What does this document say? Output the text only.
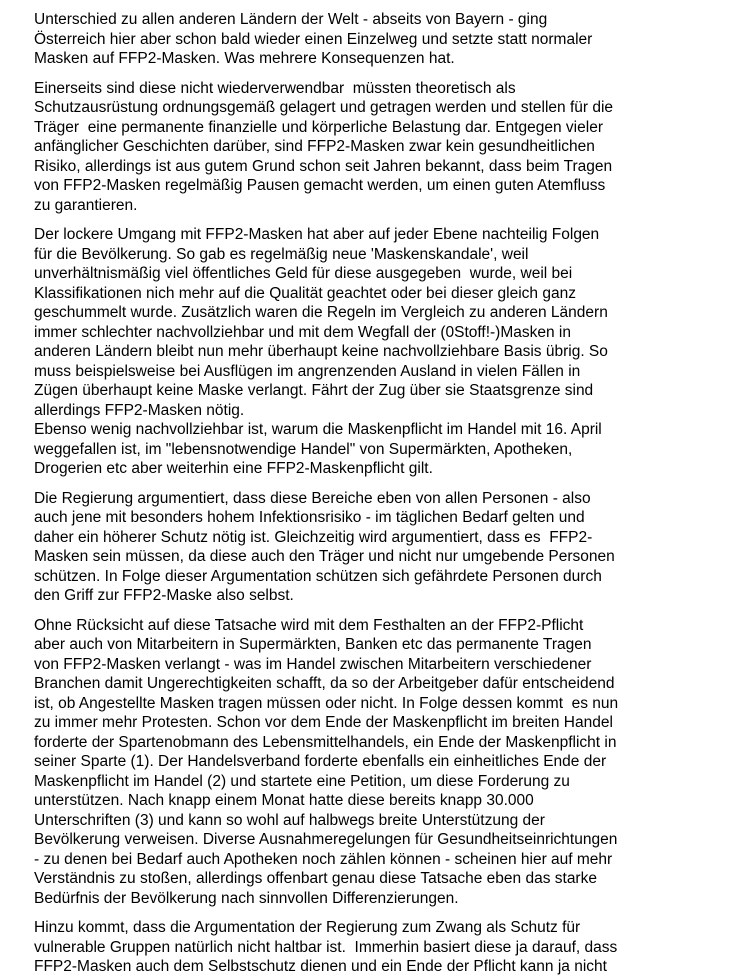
Unterschied zu allen anderen Ländern der Welt - abseits von Bayern - ging
Österreich hier aber schon bald wieder einen Einzelweg und setzte statt normaler
Masken auf FFP2-Masken. Was mehrere Konsequenzen hat.
Einerseits sind diese nicht wiederverwendbar  müssten theoretisch als
Schutzausrüstung ordnungsgemäß gelagert und getragen werden und stellen für die
Träger  eine permanente finanzielle und körperliche Belastung dar. Entgegen vieler
anfänglicher Geschichten darüber, sind FFP2-Masken zwar kein gesundheitlichen
Risiko, allerdings ist aus gutem Grund schon seit Jahren bekannt, dass beim Tragen
von FFP2-Masken regelmäßig Pausen gemacht werden, um einen guten Atemfluss
zu garantieren.
Der lockere Umgang mit FFP2-Masken hat aber auf jeder Ebene nachteilig Folgen
für die Bevölkerung. So gab es regelmäßig neue 'Maskenskandale', weil
unverhältnismäßig viel öffentliches Geld für diese ausgegeben  wurde, weil bei
Klassifikationen nich mehr auf die Qualität geachtet oder bei dieser gleich ganz
geschummelt wurde. Zusätzlich waren die Regeln im Vergleich zu anderen Ländern
immer schlechter nachvollziehbar und mit dem Wegfall der (0Stoff!-)Masken in
anderen Ländern bleibt nun mehr überhaupt keine nachvollziehbare Basis übrig. So
muss beispielsweise bei Ausflügen im angrenzenden Ausland in vielen Fällen in
Zügen überhaupt keine Maske verlangt. Fährt der Zug über sie Staatsgrenze sind
allerdings FFP2-Masken nötig.
Ebenso wenig nachvollziehbar ist, warum die Maskenpflicht im Handel mit 16. April
weggefallen ist, im "lebensnotwendige Handel" von Supermärkten, Apotheken,
Drogerien etc aber weiterhin eine FFP2-Maskenpflicht gilt.
Die Regierung argumentiert, dass diese Bereiche eben von allen Personen - also
auch jene mit besonders hohem Infektionsrisiko - im täglichen Bedarf gelten und
daher ein höherer Schutz nötig ist. Gleichzeitig wird argumentiert, dass es  FFP2-
Masken sein müssen, da diese auch den Träger und nicht nur umgebende Personen
schützen. In Folge dieser Argumentation schützen sich gefährdete Personen durch
den Griff zur FFP2-Maske also selbst.
Ohne Rücksicht auf diese Tatsache wird mit dem Festhalten an der FFP2-Pflicht
aber auch von Mitarbeitern in Supermärkten, Banken etc das permanente Tragen
von FFP2-Masken verlangt - was im Handel zwischen Mitarbeitern verschiedener
Branchen damit Ungerechtigkeiten schafft, da so der Arbeitgeber dafür entscheidend
ist, ob Angestellte Masken tragen müssen oder nicht. In Folge dessen kommt  es nun
zu immer mehr Protesten. Schon vor dem Ende der Maskenpflicht im breiten Handel
forderte der Spartenobmann des Lebensmittelhandels, ein Ende der Maskenpflicht in
seiner Sparte (1). Der Handelsverband forderte ebenfalls ein einheitliches Ende der
Maskenpflicht im Handel (2) und startete eine Petition, um diese Forderung zu
unterstützen. Nach knapp einem Monat hatte diese bereits knapp 30.000
Unterschriften (3) und kann so wohl auf halbwegs breite Unterstützung der
Bevölkerung verweisen. Diverse Ausnahmeregelungen für Gesundheitseinrichtungen
- zu denen bei Bedarf auch Apotheken noch zählen können - scheinen hier auf mehr
Verständnis zu stoßen, allerdings offenbart genau diese Tatsache eben das starke
Bedürfnis der Bevölkerung nach sinnvollen Differenzierungen.
Hinzu kommt, dass die Argumentation der Regierung zum Zwang als Schutz für
vulnerable Gruppen natürlich nicht haltbar ist.  Immerhin basiert diese ja darauf, dass
FFP2-Masken auch dem Selbstschutz dienen und ein Ende der Pflicht kann ja nicht
